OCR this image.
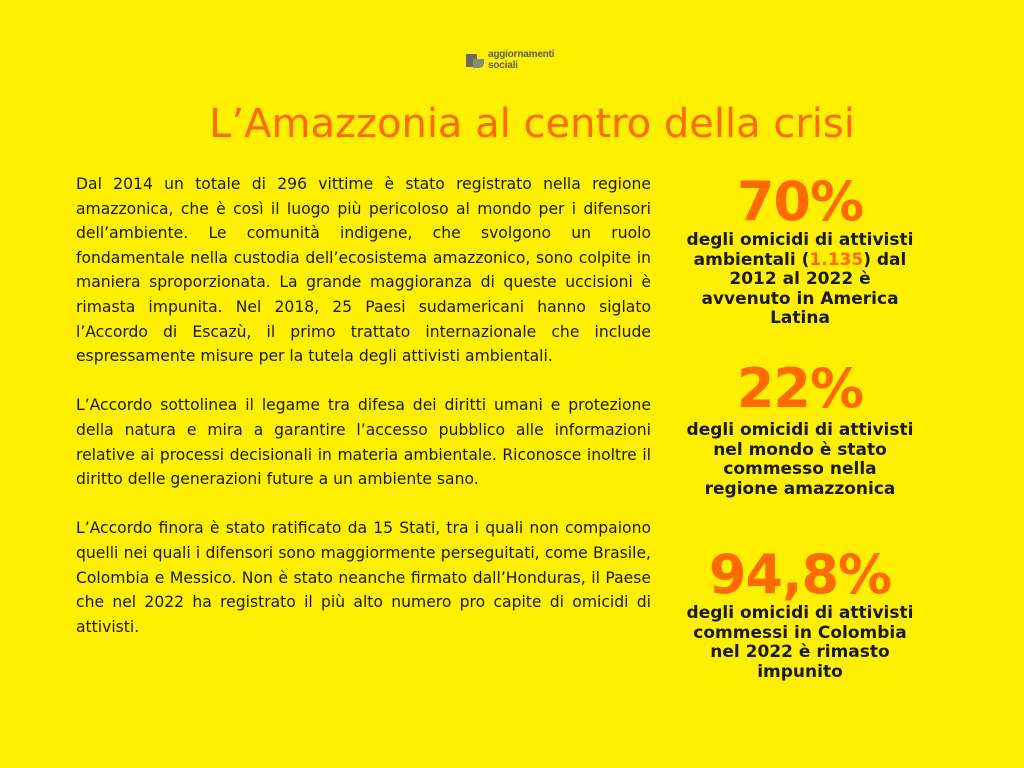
aggiornamenti
sociali
L’Amazzonia al centro della crisi

Dal 2014 un totale di 296 vittime è stato registrato nella regione amazzonica, che è così il luogo più pericoloso al mondo per i difensori dell’ambiente. Le comunità indigene, che svolgono un ruolo fondamentale nella custodia dell’ecosistema amazzonico, sono colpite in maniera sproporzionata. La grande maggioranza di queste uccisioni è rimasta impunita. Nel 2018, 25 Paesi sudamericani hanno siglato l’Accordo di Escazù, il primo trattato internazionale che include espressamente misure per la tutela degli attivisti ambientali.

L’Accordo sottolinea il legame tra difesa dei diritti umani e protezione della natura e mira a garantire l’accesso pubblico alle informazioni relative ai processi decisionali in materia ambientale. Riconosce inoltre il diritto delle generazioni future a un ambiente sano.

L’Accordo finora è stato ratificato da 15 Stati, tra i quali non compaiono quelli nei quali i difensori sono maggiormente perseguitati, come Brasile, Colombia e Messico. Non è stato neanche firmato dall’Honduras, il Paese che nel 2022 ha registrato il più alto numero pro capite di omicidi di attivisti.

70%
degli omicidi di attivisti ambientali (1.135) dal 2012 al 2022 è avvenuto in America Latina
22%
degli omicidi di attivisti nel mondo è stato commesso nella regione amazzonica
94,8%
degli omicidi di attivisti commessi in Colombia nel 2022 è rimasto impunito
